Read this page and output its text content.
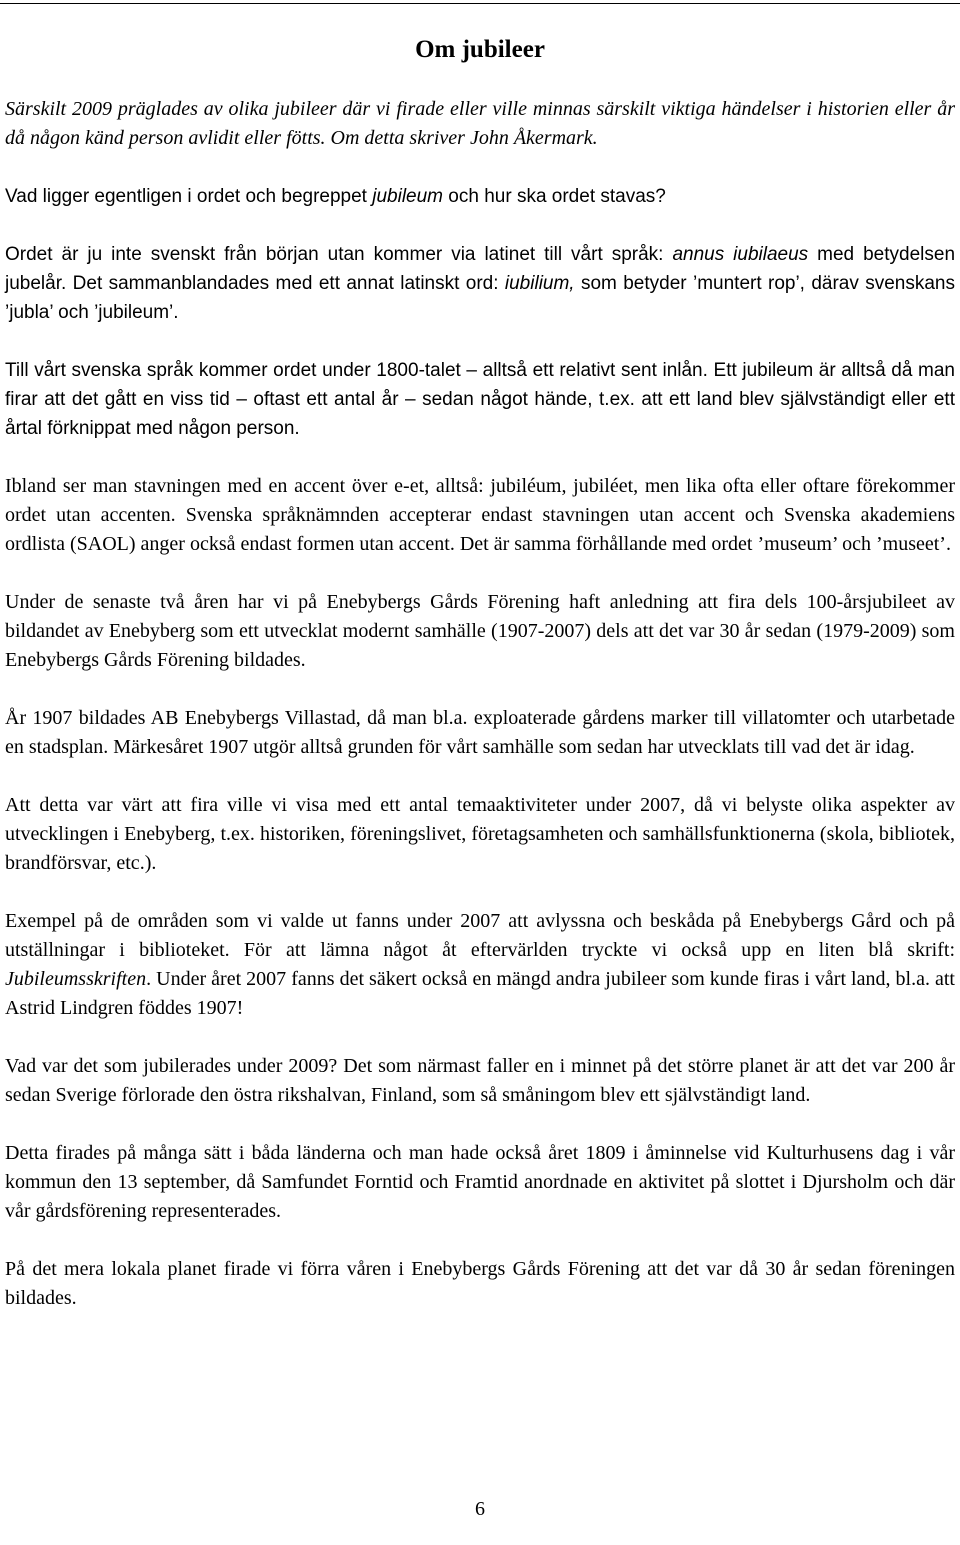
Om jubileer

Särskilt 2009 präglades av olika jubileer där vi firade eller ville minnas särskilt viktiga händelser i historien eller år då någon känd person avlidit eller fötts. Om detta skriver John Åkermark.

Vad ligger egentligen i ordet och begreppet jubileum och hur ska ordet stavas?

Ordet är ju inte svenskt från början utan kommer via latinet till vårt språk: annus iubilaeus med betydelsen jubelår. Det sammanblandades med ett annat latinskt ord: iubilium, som betyder ’muntert rop’, därav svenskans ’jubla’ och ’jubileum’.

Till vårt svenska språk kommer ordet under 1800-talet – alltså ett relativt sent inlån. Ett jubileum är alltså då man firar att det gått en viss tid – oftast ett antal år – sedan något hände, t.ex. att ett land blev självständigt eller ett årtal förknippat med någon person.

Ibland ser man stavningen med en accent över e-et, alltså: jubiléum, jubiléet, men lika ofta eller oftare förekommer ordet utan accenten. Svenska språknämnden accepterar endast stavningen utan accent och Svenska akademiens ordlista (SAOL) anger också endast formen utan accent. Det är samma förhållande med ordet ’museum’ och ’museet’.

Under de senaste två åren har vi på Enebybergs Gårds Förening haft anledning att fira dels 100-årsjubileet av bildandet av Enebyberg som ett utvecklat modernt samhälle (1907-2007) dels att det var 30 år sedan (1979-2009) som Enebybergs Gårds Förening bildades.

År 1907 bildades AB Enebybergs Villastad, då man bl.a. exploaterade gårdens marker till villatomter och utarbetade en stadsplan. Märkesåret 1907 utgör alltså grunden för vårt samhälle som sedan har utvecklats till vad det är idag.

Att detta var värt att fira ville vi visa med ett antal temaaktiviteter under 2007, då vi belyste olika aspekter av utvecklingen i Enebyberg, t.ex. historiken, föreningslivet, företagsamheten och samhällsfunktionerna (skola, bibliotek, brandförsvar, etc.).

Exempel på de områden som vi valde ut fanns under 2007 att avlyssna och beskåda på Enebybergs Gård och på utställningar i biblioteket. För att lämna något åt eftervärlden tryckte vi också upp en liten blå skrift: Jubileumsskriften. Under året 2007 fanns det säkert också en mängd andra jubileer som kunde firas i vårt land, bl.a. att Astrid Lindgren föddes 1907!

Vad var det som jubilerades under 2009? Det som närmast faller en i minnet på det större planet är att det var 200 år sedan Sverige förlorade den östra rikshalvan, Finland, som så småningom blev ett självständigt land.

Detta firades på många sätt i båda länderna och man hade också året 1809 i åminnelse vid Kulturhusens dag i vår kommun den 13 september, då Samfundet Forntid och Framtid anordnade en aktivitet på slottet i Djursholm och där vår gårdsförening representerades.

På det mera lokala planet firade vi förra våren i Enebybergs Gårds Förening att det var då 30 år sedan föreningen bildades.

6
